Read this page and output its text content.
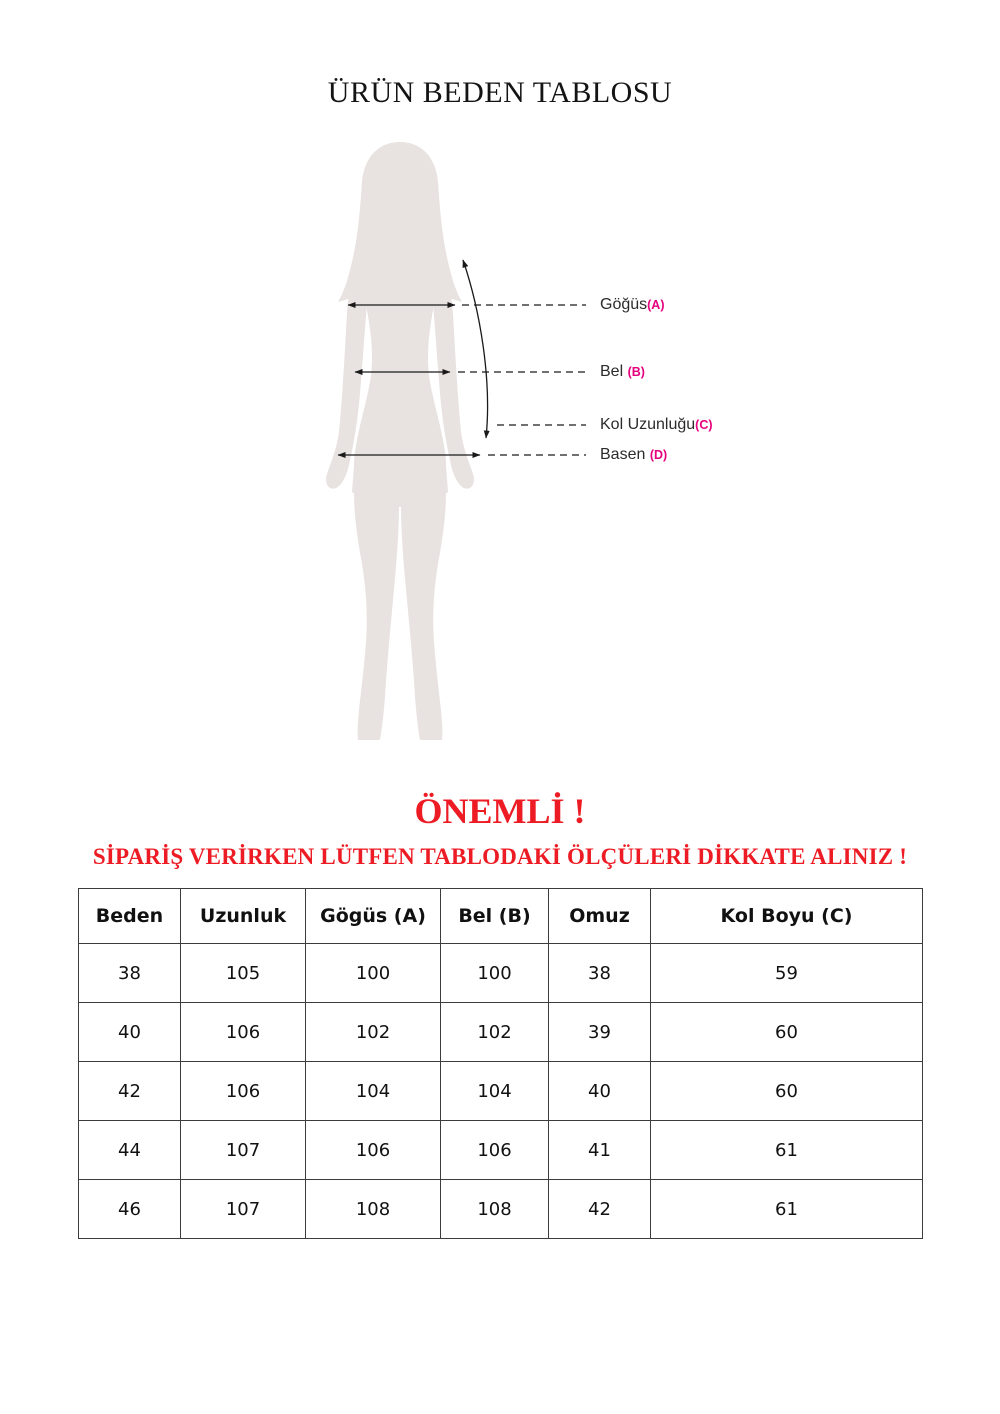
ÜRÜN BEDEN TABLOSU
Göğüs(A)
Bel (B)
Kol Uzunluğu(C)
Basen (D)
ÖNEMLİ !
SİPARİŞ VERİRKEN LÜTFEN TABLODAKİ ÖLÇÜLERİ DİKKATE ALINIZ !
Beden	Uzunluk	Gögüs (A)	Bel (B)	Omuz	Kol Boyu (C)
38	105	100	100	38	59
40	106	102	102	39	60
42	106	104	104	40	60
44	107	106	106	41	61
46	107	108	108	42	61
